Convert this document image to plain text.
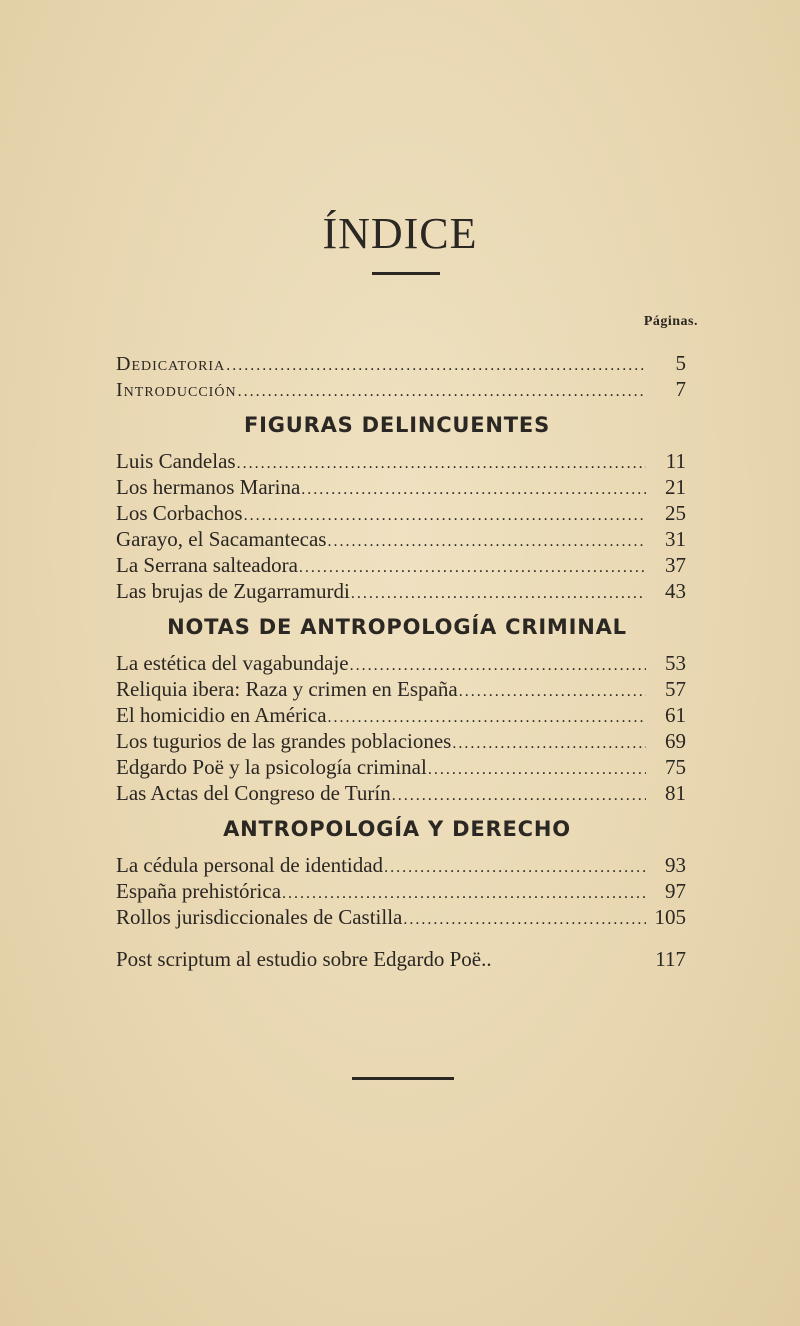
ÍNDICE
Páginas.
Dedicatoria .....	5
Introducción .....	7
FIGURAS DELINCUENTES
Luis Candelas .....	11
Los hermanos Marina .....	21
Los Corbachos .....	25
Garayo, el Sacamantecas .....	31
La Serrana salteadora .....	37
Las brujas de Zugarramurdi .....	43
NOTAS DE ANTROPOLOGÍA CRIMINAL
La estética del vagabundaje .....	53
Reliquia ibera: Raza y crimen en España .....	57
El homicidio en América .....	61
Los tugurios de las grandes poblaciones .....	69
Edgardo Poë y la psicología criminal .....	75
Las Actas del Congreso de Turín .....	81
ANTROPOLOGÍA Y DERECHO
La cédula personal de identidad .....	93
España prehistórica .....	97
Rollos jurisdiccionales de Castilla .....	105
Post scriptum al estudio sobre Edgardo Poë..	117
